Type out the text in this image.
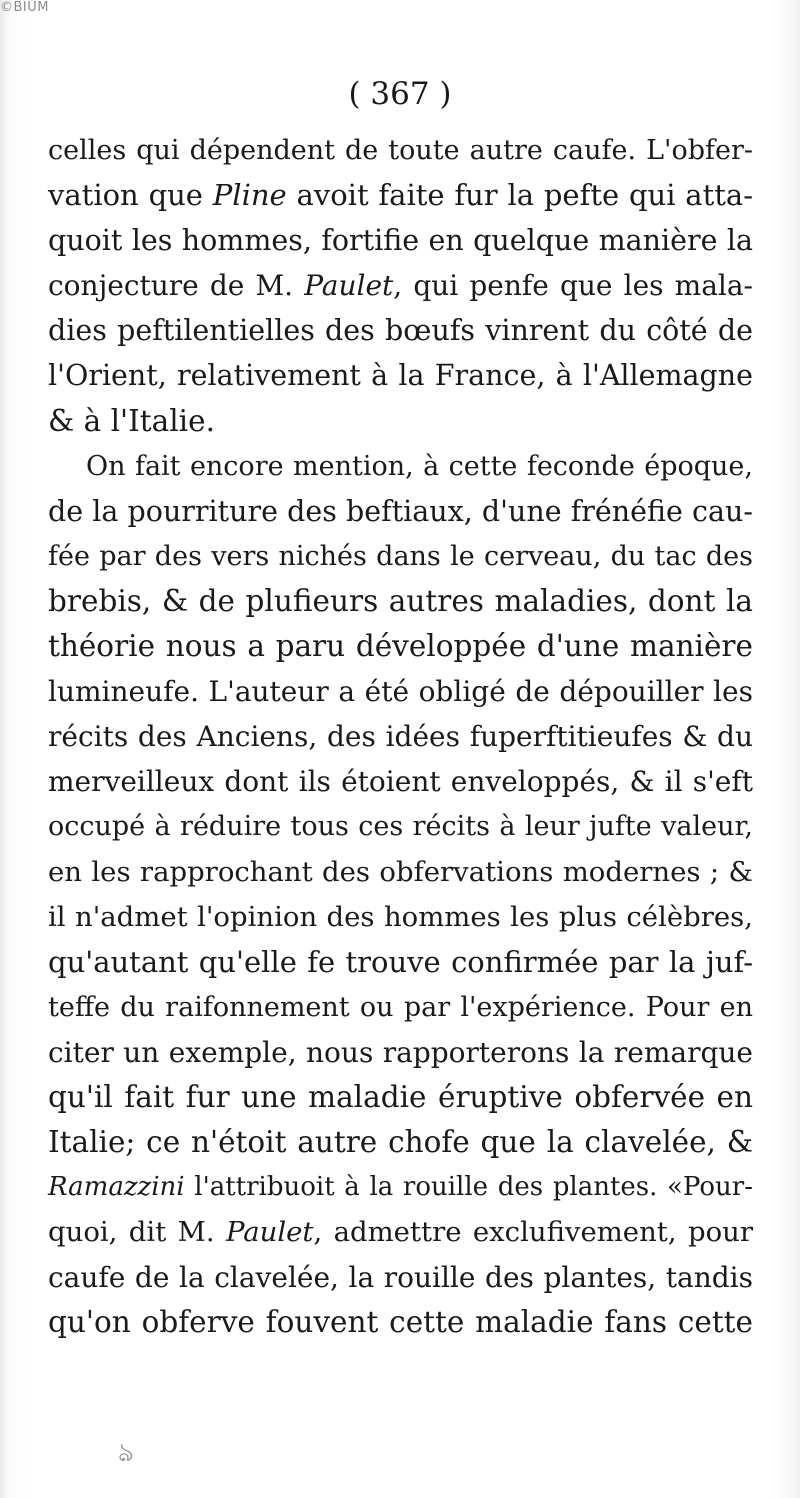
©BIUM
( 367 )
celles qui dépendent de toute autre caufe. L'obfer-
vation que Pline avoit faite fur la pefte qui atta-
quoit les hommes, fortifie en quelque manière la
conjecture de M. Paulet, qui penfe que les mala-
dies peftilentielles des bœufs vinrent du côté de
l'Orient, relativement à la France, à l'Allemagne
& à l'Italie.
On fait encore mention, à cette feconde époque,
de la pourriture des beftiaux, d'une frénéfie cau-
fée par des vers nichés dans le cerveau, du tac des
brebis, & de plufieurs autres maladies, dont la
théorie nous a paru développée d'une manière
lumineufe. L'auteur a été obligé de dépouiller les
récits des Anciens, des idées fuperftitieufes & du
merveilleux dont ils étoient enveloppés, & il s'eft
occupé à réduire tous ces récits à leur jufte valeur,
en les rapprochant des obfervations modernes ; &
il n'admet l'opinion des hommes les plus célèbres,
qu'autant qu'elle fe trouve confirmée par la juf-
teffe du raifonnement ou par l'expérience. Pour en
citer un exemple, nous rapporterons la remarque
qu'il fait fur une maladie éruptive obfervée en
Italie; ce n'étoit autre chofe que la clavelée, &
Ramazzini l'attribuoit à la rouille des plantes. «Pour-
quoi, dit M. Paulet, admettre exclufivement, pour
caufe de la clavelée, la rouille des plantes, tandis
qu'on obferve fouvent cette maladie fans cette
ঌ
